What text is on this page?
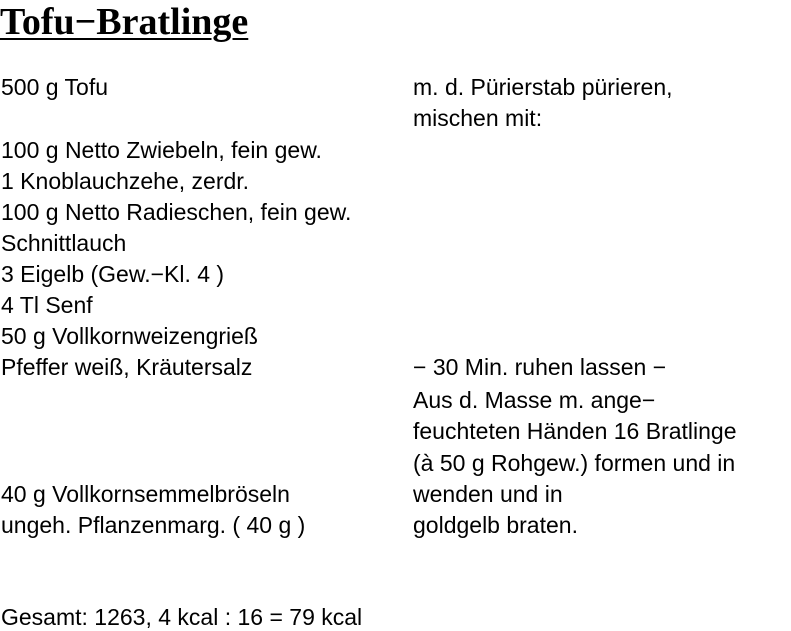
Tofu−Bratlinge
500 g Tofu
100 g Netto Zwiebeln, fein gew.
1 Knoblauchzehe, zerdr.
100 g Netto Radieschen, fein gew.
Schnittlauch
3 Eigelb (Gew.−Kl. 4 )
4 Tl Senf
50 g Vollkornweizengrieß
Pfeffer weiß, Kräutersalz
40 g Vollkornsemmelbröseln
ungeh. Pflanzenmarg. ( 40 g )
m. d. Pürierstab pürieren,
mischen mit:
− 30 Min. ruhen lassen −
Aus d. Masse m. ange−
feuchteten Händen 16 Bratlinge
(à 50 g Rohgew.) formen und in
wenden und in
goldgelb braten.
Gesamt: 1263, 4 kcal : 16 = 79 kcal
